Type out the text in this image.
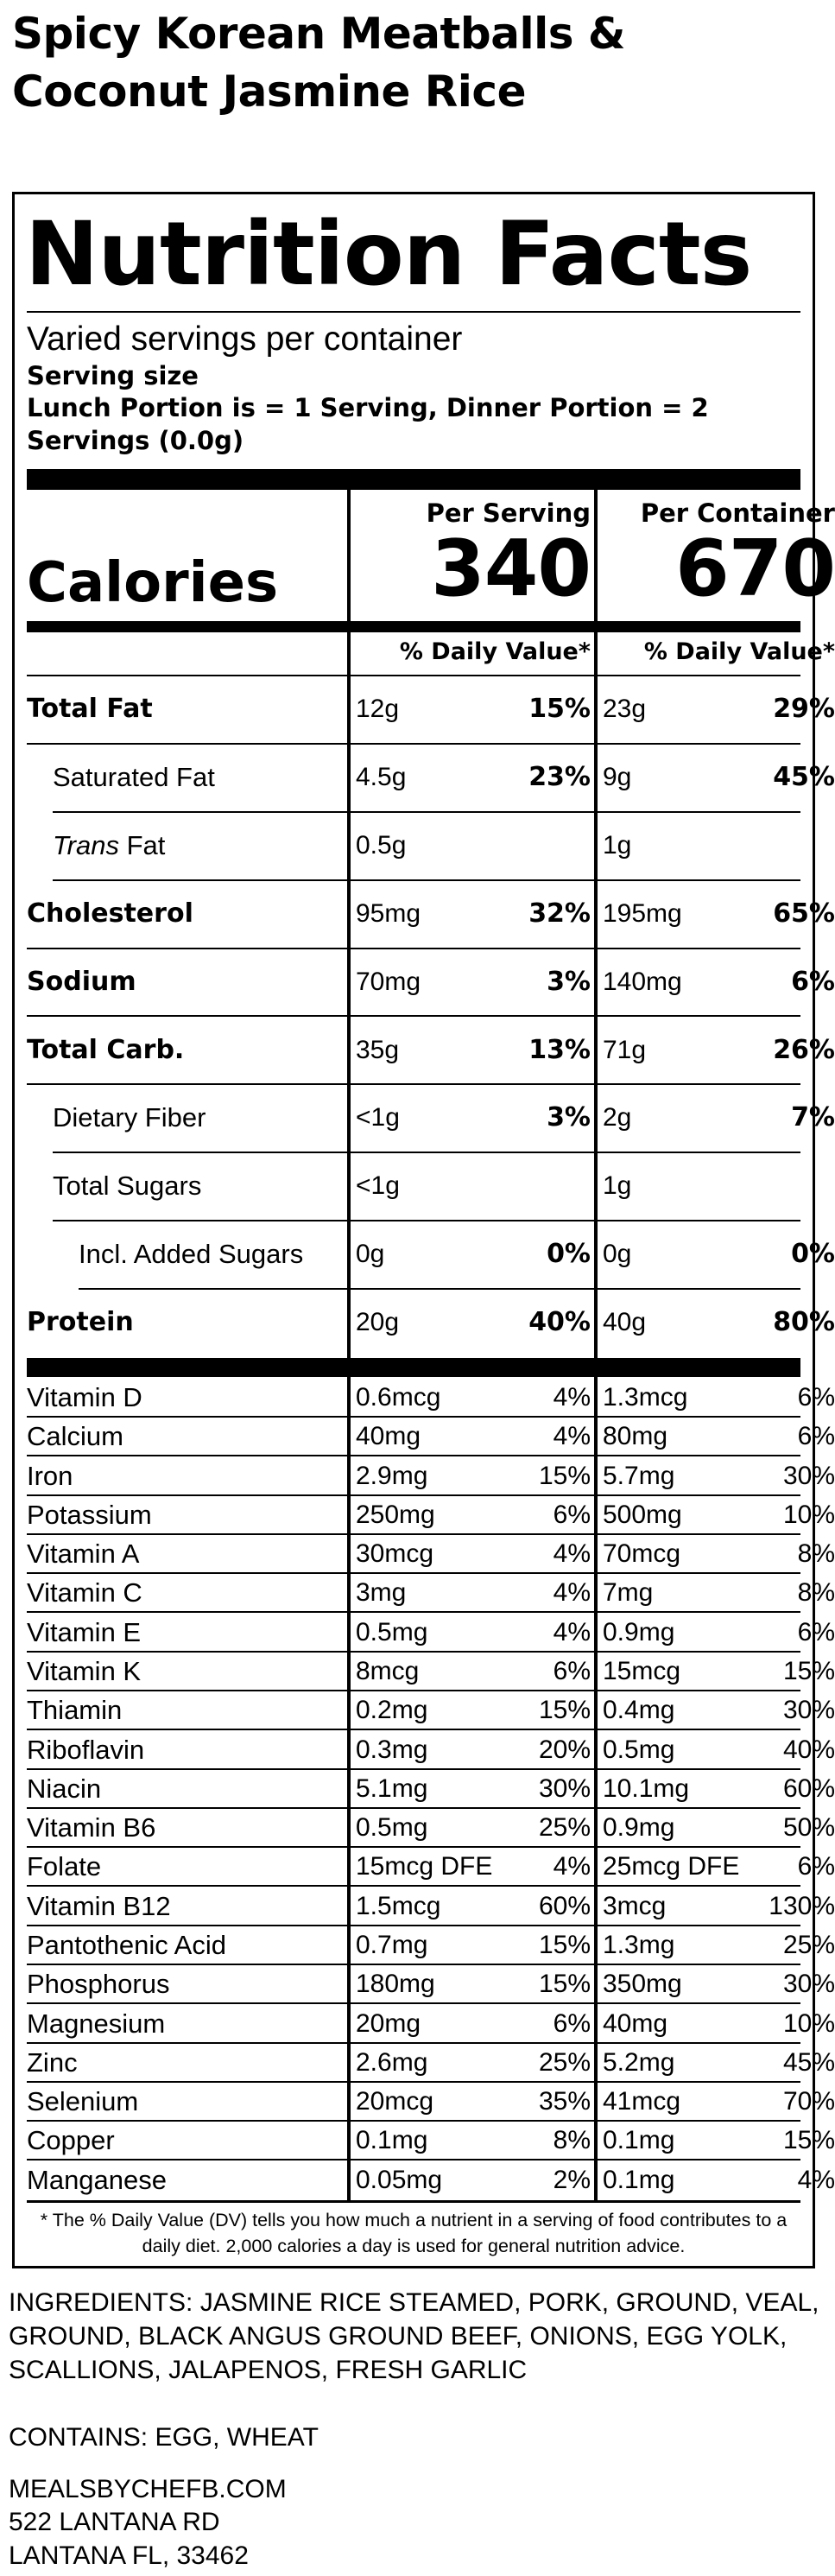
Spicy Korean Meatballs & Coconut Jasmine Rice
Nutrition Facts
Varied servings per container
Serving size
Lunch Portion is = 1 Serving, Dinner Portion = 2 Servings (0.0g)
Per Serving	Per Container
Calories	340	670
% Daily Value*	% Daily Value*
Total Fat	12g	15% 23g	29%
Saturated Fat	4.5g	23% 9g	45%
Trans Fat	0.5g	1g
Cholesterol	95mg	32% 195mg	65%
Sodium	70mg	3% 140mg	6%
Total Carb.	35g	13% 71g	26%
Dietary Fiber	<1g	3% 2g	7%
Total Sugars	<1g	1g
Incl. Added Sugars 0g	0% 0g	0%
Protein	20g	40% 40g	80%
Vitamin D	0.6mcg	4% 1.3mcg	6%
Calcium	40mg	4% 80mg	6%
Iron	2.9mg	15% 5.7mg	30%
Potassium	250mg	6% 500mg	10%
Vitamin A	30mcg	4% 70mcg	8%
Vitamin C	3mg	4% 7mg	8%
Vitamin E	0.5mg	4% 0.9mg	6%
Vitamin K	8mcg	6% 15mcg	15%
Thiamin	0.2mg	15% 0.4mg	30%
Riboflavin	0.3mg	20% 0.5mg	40%
Niacin	5.1mg	30% 10.1mg	60%
Vitamin B6	0.5mg	25% 0.9mg	50%
Folate	15mcg DFE	4% 25mcg DFE	6%
Vitamin B12	1.5mcg	60% 3mcg	130%
Pantothenic Acid	0.7mg	15% 1.3mg	25%
Phosphorus	180mg	15% 350mg	30%
Magnesium	20mg	6% 40mg	10%
Zinc	2.6mg	25% 5.2mg	45%
Selenium	20mcg	35% 41mcg	70%
Copper	0.1mg	8% 0.1mg	15%
Manganese	0.05mg	2% 0.1mg	4%
* The % Daily Value (DV) tells you how much a nutrient in a serving of food contributes to a daily diet. 2,000 calories a day is used for general nutrition advice.
INGREDIENTS: JASMINE RICE STEAMED, PORK, GROUND, VEAL, GROUND, BLACK ANGUS GROUND BEEF, ONIONS, EGG YOLK, SCALLIONS, JALAPENOS, FRESH GARLIC
CONTAINS: EGG, WHEAT
MEALSBYCHEFB.COM
522 LANTANA RD
LANTANA FL, 33462
